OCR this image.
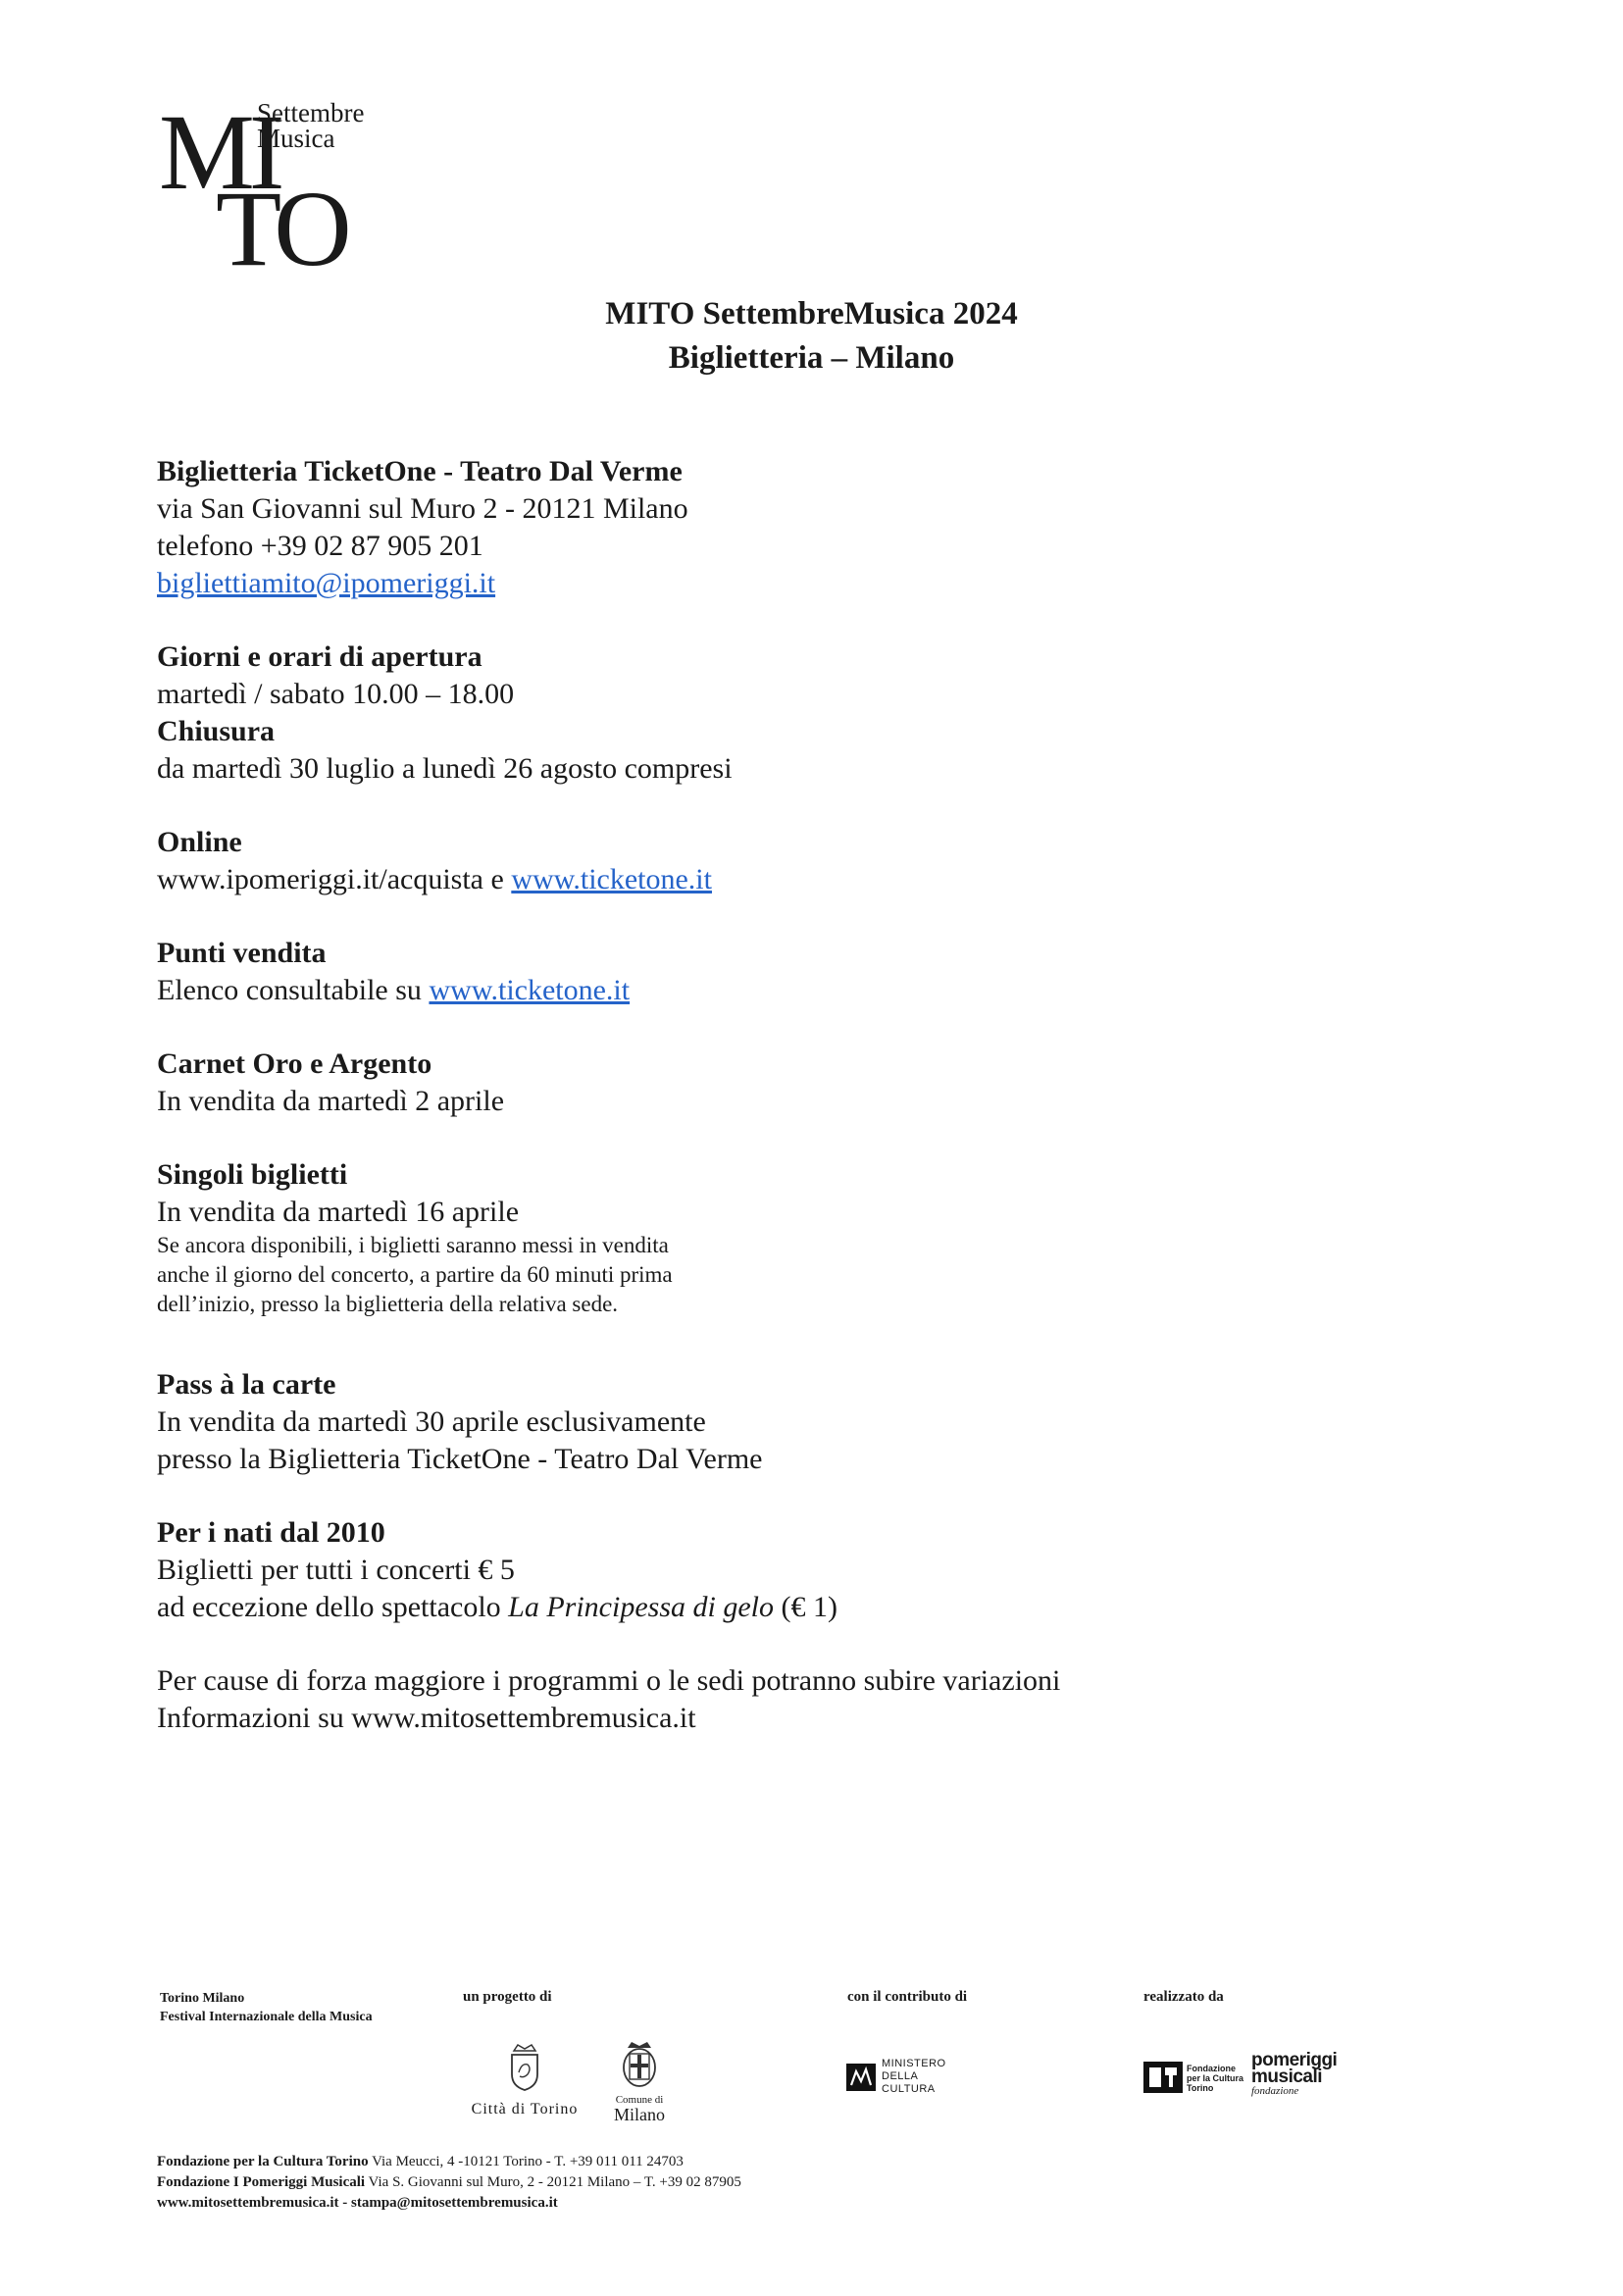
MI
TO
Settembre
Musica
MITO SettembreMusica 2024
Biglietteria – Milano
Biglietteria TicketOne - Teatro Dal Verme
via San Giovanni sul Muro 2 - 20121 Milano
telefono +39 02 87 905 201
bigliettiamito@ipomeriggi.it
Giorni e orari di apertura
martedì / sabato 10.00 – 18.00
Chiusura
da martedì 30 luglio a lunedì 26 agosto compresi
Online
www.ipomeriggi.it/acquista e www.ticketone.it
Punti vendita
Elenco consultabile su www.ticketone.it
Carnet Oro e Argento
In vendita da martedì 2 aprile
Singoli biglietti
In vendita da martedì 16 aprile
Se ancora disponibili, i biglietti saranno messi in vendita
anche il giorno del concerto, a partire da 60 minuti prima
dell’inizio, presso la biglietteria della relativa sede.
Pass à la carte
In vendita da martedì 30 aprile esclusivamente
presso la Biglietteria TicketOne - Teatro Dal Verme
Per i nati dal 2010
Biglietti per tutti i concerti € 5
ad eccezione dello spettacolo La Principessa di gelo (€ 1)
Per cause di forza maggiore i programmi o le sedi potranno subire variazioni
Informazioni su www.mitosettembremusica.it
Torino Milano
Festival Internazionale della Musica
un progetto di	con il contributo di	realizzato da
Città di Torino
Comune di
Milano
MINISTERO
DELLA
CULTURA
Fondazione
per la Cultura
Torino
pomeriggi
musicali
fondazione
Fondazione per la Cultura Torino Via Meucci, 4 -10121 Torino - T. +39 011 011 24703
Fondazione I Pomeriggi Musicali Via S. Giovanni sul Muro, 2 - 20121 Milano – T. +39 02 87905
www.mitosettembremusica.it - stampa@mitosettembremusica.it
